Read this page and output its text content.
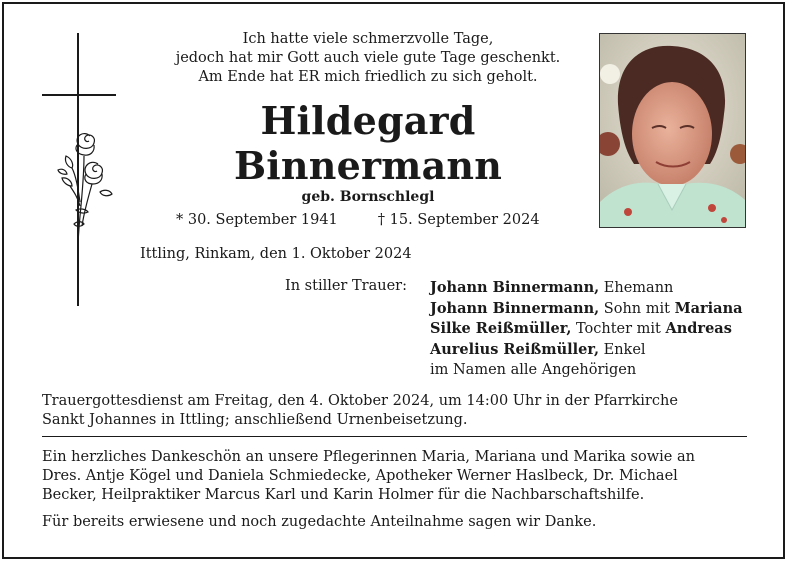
Ich hatte viele schmerzvolle Tage,
jedoch hat mir Gott auch viele gute Tage geschenkt.
Am Ende hat ER mich friedlich zu sich geholt.
Hildegard
Binnermann
geb. Bornschlegl
* 30. September 1941	† 15. September 2024
Ittling, Rinkam, den 1. Oktober 2024
In stiller Trauer: Johann Binnermann, Ehemann
Johann Binnermann, Sohn mit Mariana
Silke Reißmüller, Tochter mit Andreas
Aurelius Reißmüller, Enkel
im Namen alle Angehörigen
Trauergottesdienst am Freitag, den 4. Oktober 2024, um 14:00 Uhr in der Pfarrkirche
Sankt Johannes in Ittling; anschließend Urnenbeisetzung.
Ein herzliches Dankeschön an unsere Pflegerinnen Maria, Mariana und Marika sowie an
Dres. Antje Kögel und Daniela Schmiedecke, Apotheker Werner Haslbeck, Dr. Michael
Becker, Heilpraktiker Marcus Karl und Karin Holmer für die Nachbarschaftshilfe.
Für bereits erwiesene und noch zugedachte Anteilnahme sagen wir Danke.
